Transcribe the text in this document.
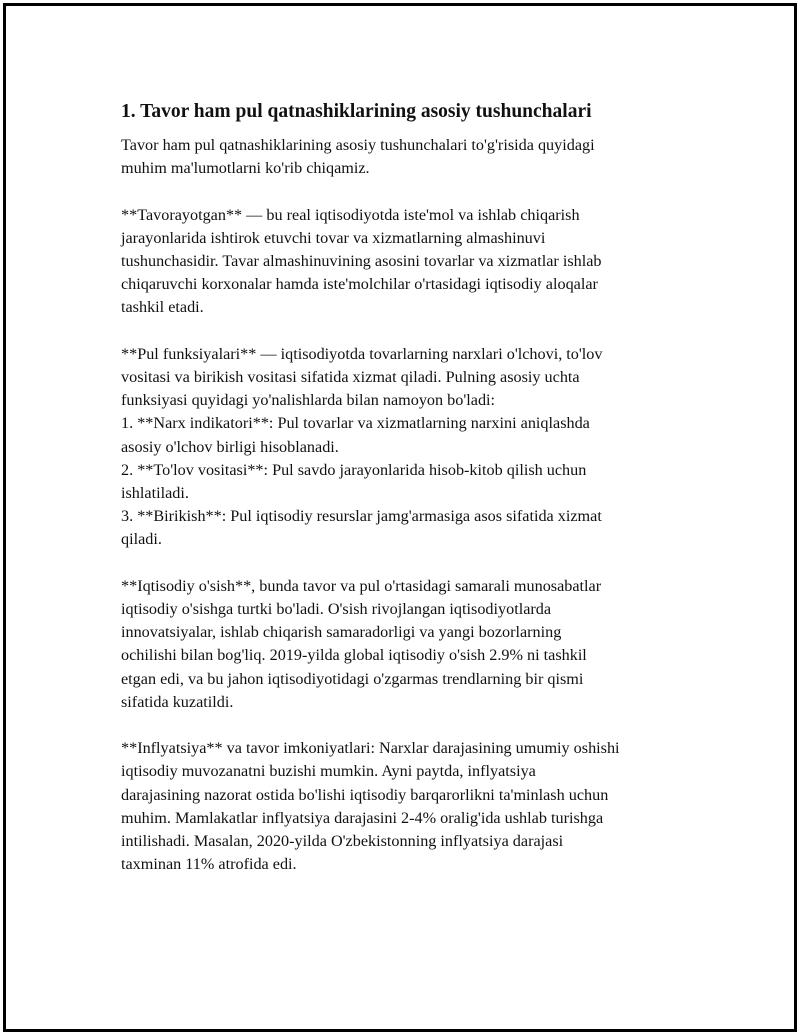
1. Tavor ham pul qatnashiklarining asosiy tushunchalari
Tavor ham pul qatnashiklarining asosiy tushunchalari to'g'risida quyidagi
muhim ma'lumotlarni ko'rib chiqamiz.
**Tavorayotgan** — bu real iqtisodiyotda iste'mol va ishlab chiqarish
jarayonlarida ishtirok etuvchi tovar va xizmatlarning almashinuvi
tushunchasidir. Tavar almashinuvining asosini tovarlar va xizmatlar ishlab
chiqaruvchi korxonalar hamda iste'molchilar o'rtasidagi iqtisodiy aloqalar
tashkil etadi.
**Pul funksiyalari** — iqtisodiyotda tovarlarning narxlari o'lchovi, to'lov
vositasi va birikish vositasi sifatida xizmat qiladi. Pulning asosiy uchta
funksiyasi quyidagi yo'nalishlarda bilan namoyon bo'ladi:
1. **Narx indikatori**: Pul tovarlar va xizmatlarning narxini aniqlashda
asosiy o'lchov birligi hisoblanadi.
2. **To'lov vositasi**: Pul savdo jarayonlarida hisob-kitob qilish uchun
ishlatiladi.
3. **Birikish**: Pul iqtisodiy resurslar jamg'armasiga asos sifatida xizmat
qiladi.
**Iqtisodiy o'sish**, bunda tavor va pul o'rtasidagi samarali munosabatlar
iqtisodiy o'sishga turtki bo'ladi. O'sish rivojlangan iqtisodiyotlarda
innovatsiyalar, ishlab chiqarish samaradorligi va yangi bozorlarning
ochilishi bilan bog'liq. 2019-yilda global iqtisodiy o'sish 2.9% ni tashkil
etgan edi, va bu jahon iqtisodiyotidagi o'zgarmas trendlarning bir qismi
sifatida kuzatildi.
**Inflyatsiya** va tavor imkoniyatlari: Narxlar darajasining umumiy oshishi
iqtisodiy muvozanatni buzishi mumkin. Ayni paytda, inflyatsiya
darajasining nazorat ostida bo'lishi iqtisodiy barqarorlikni ta'minlash uchun
muhim. Mamlakatlar inflyatsiya darajasini 2-4% oralig'ida ushlab turishga
intilishadi. Masalan, 2020-yilda O'zbekistonning inflyatsiya darajasi
taxminan 11% atrofida edi.
